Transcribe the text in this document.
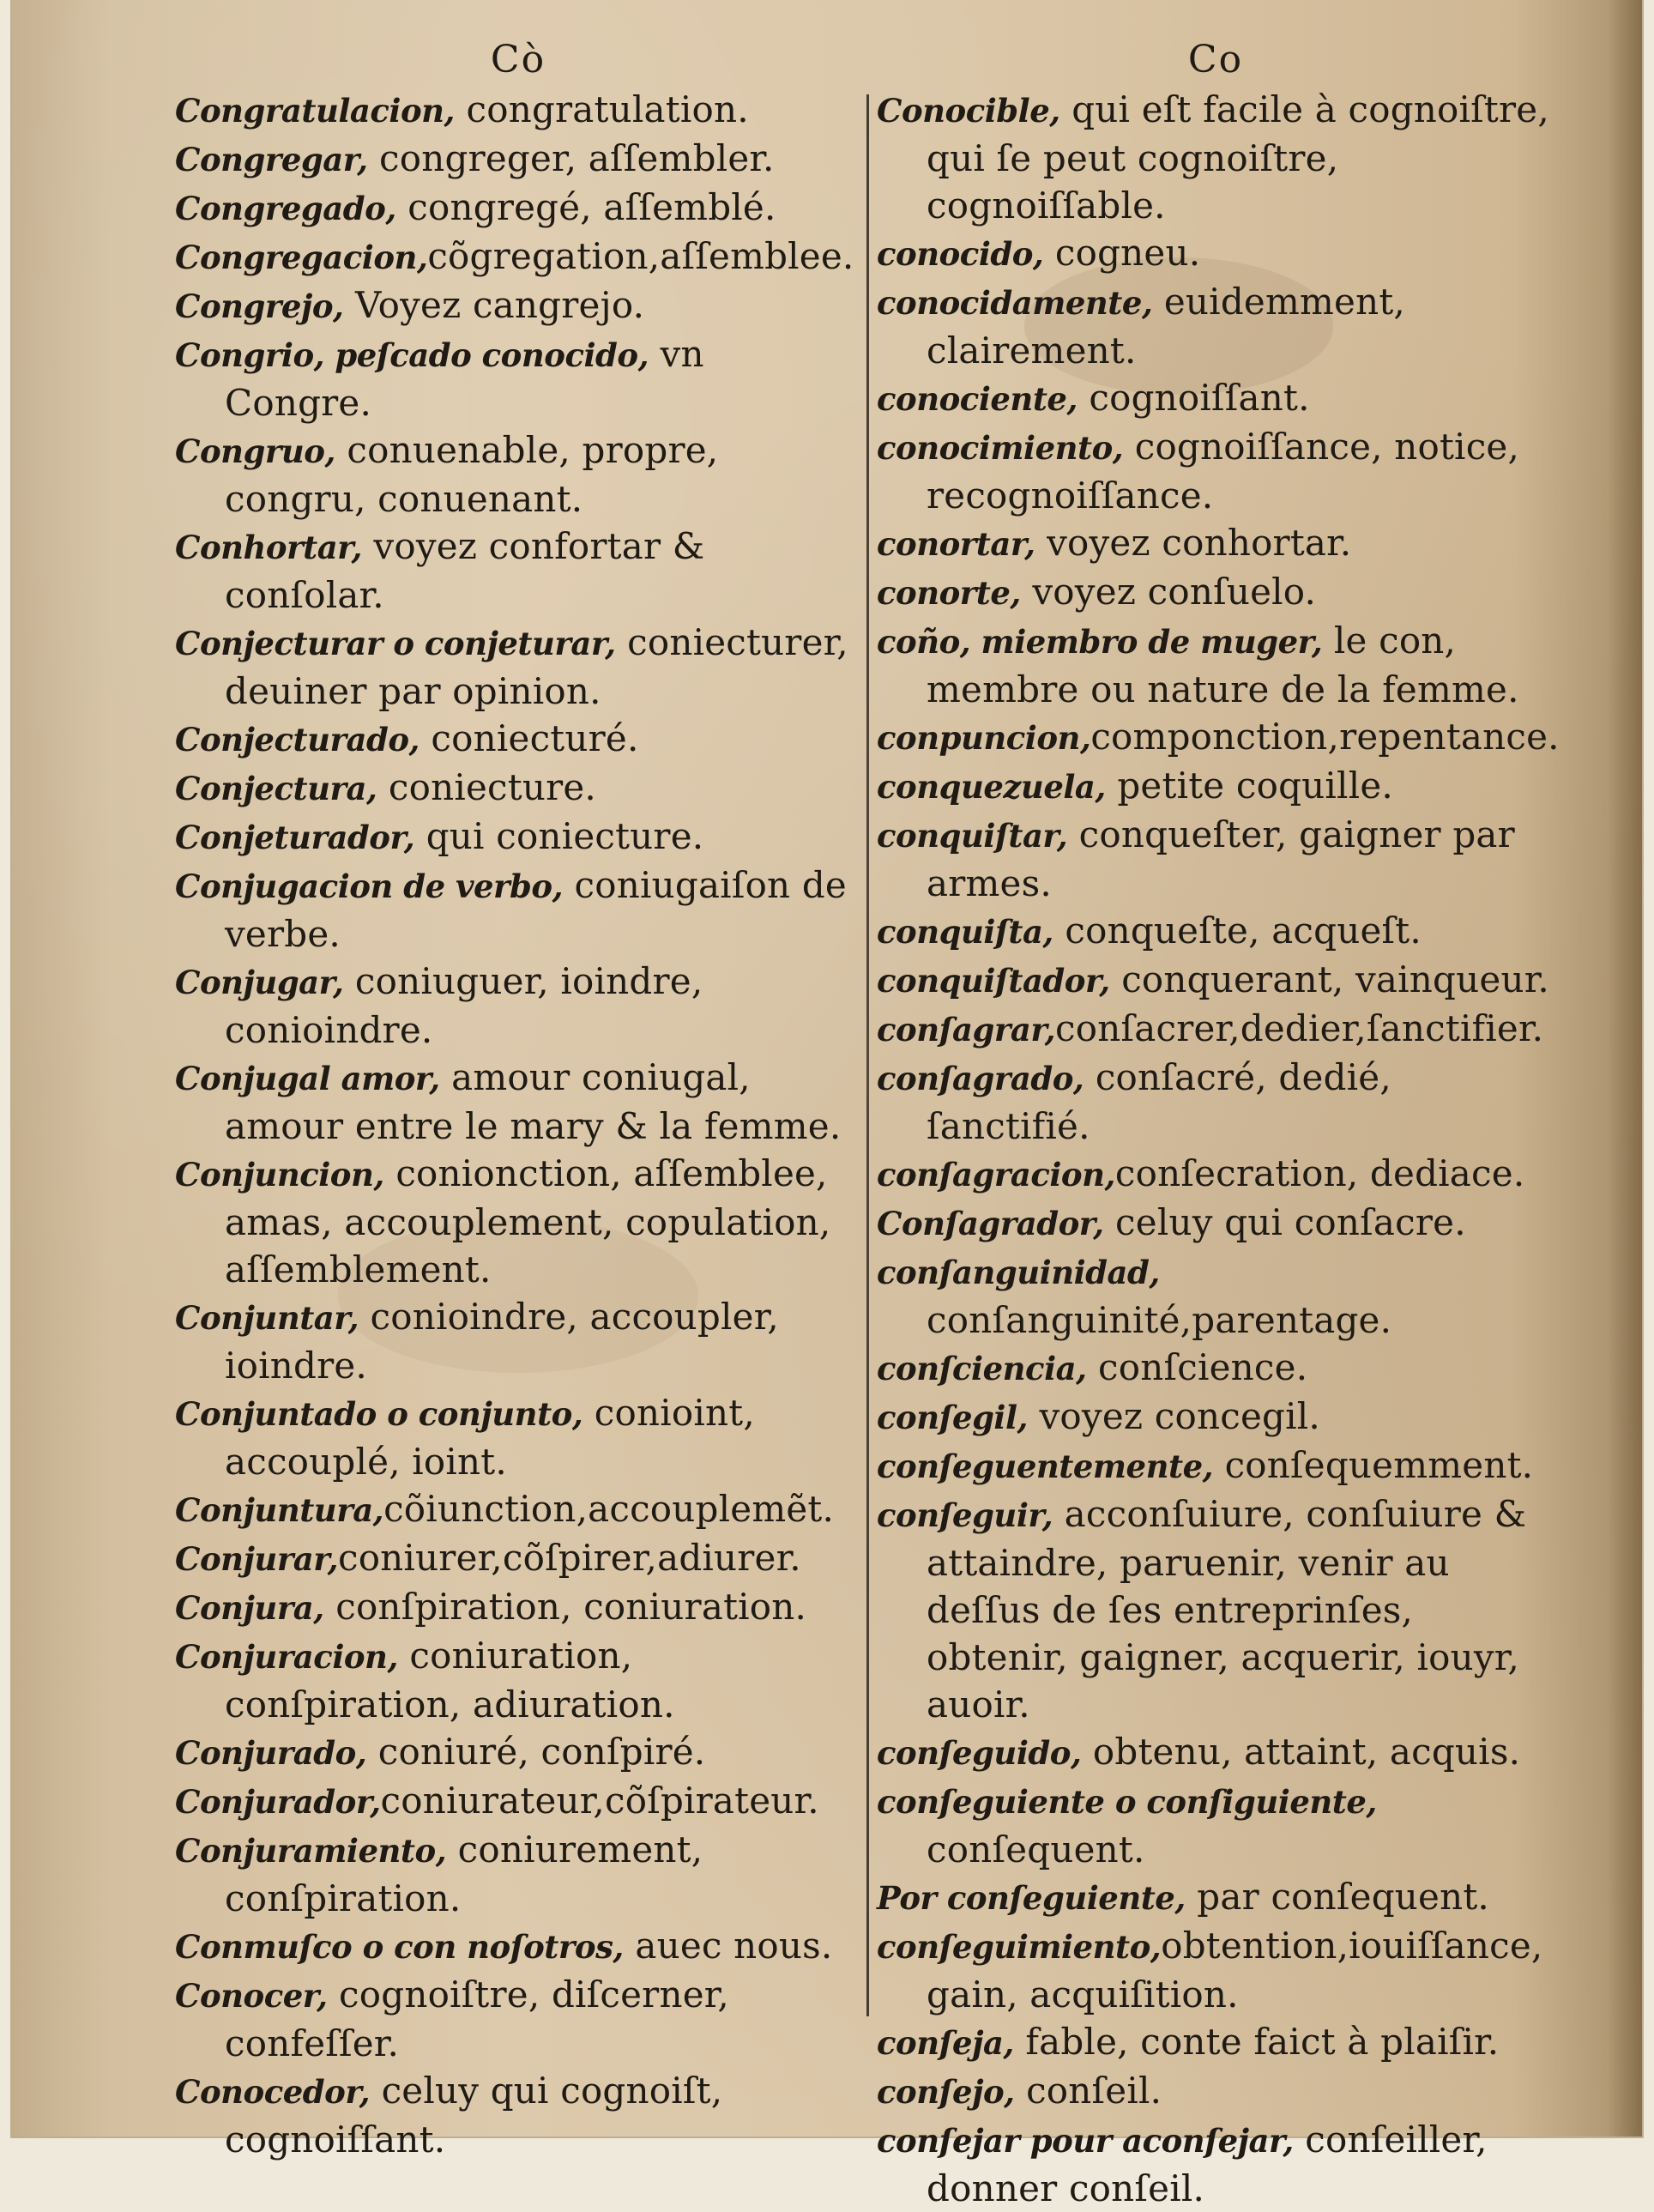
Cò
Congratulacion, congratulation.
Congregar, congreger, aſſembler.
Congregado, congregé, aſſemblé.
Congregacion,cõgregation,aſſemblee.
Congrejo, Voyez cangrejo.
Congrio, peſcado conocido, vn Congre.
Congruo, conuenable, propre, congru, conuenant.
Conhortar, voyez confortar & conſolar.
Conjecturar o conjeturar, coniecturer, deuiner par opinion.
Conjecturado, coniecturé.
Conjectura, coniecture.
Conjeturador, qui coniecture.
Conjugacion de verbo, coniugaiſon de verbe.
Conjugar, coniuguer, ioindre, conioindre.
Conjugal amor, amour coniugal, amour entre le mary & la femme.
Conjuncion, conionction, aſſemblee, amas, accouplement, copulation, aſſemblement.
Conjuntar, conioindre, accoupler, ioindre.
Conjuntado o conjunto, conioint, accouplé, ioint.
Conjuntura,cõiunction,accouplemẽt.
Conjurar,coniurer,cõſpirer,adiurer.
Conjura, conſpiration, coniuration.
Conjuracion, coniuration, conſpiration, adiuration.
Conjurado, coniuré, conſpiré.
Conjurador,coniurateur,cõſpirateur.
Conjuramiento, coniurement, conſpiration.
Conmuſco o con noſotros, auec nous.
Conocer, cognoiſtre, diſcerner, confeſſer.
Conocedor, celuy qui cognoiſt, cognoiſſant.
Co
Conocible, qui eſt facile à cognoiſtre, qui ſe peut cognoiſtre, cognoiſſable.
conocido, cogneu.
conocidamente, euidemment, clairement.
conociente, cognoiſſant.
conocimiento, cognoiſſance, notice, recognoiſſance.
conortar, voyez conhortar.
conorte, voyez conſuelo.
coño, miembro de muger, le con, membre ou nature de la femme.
conpuncion,componction,repentance.
conquezuela, petite coquille.
conquiſtar, conqueſter, gaigner par armes.
conquiſta, conqueſte, acqueſt.
conquiſtador, conquerant, vainqueur.
conſagrar,conſacrer,dedier,ſanctifier.
conſagrado, conſacré, dedié, ſanctifié.
conſagracion,conſecration, dediace.
Conſagrador, celuy qui conſacre.
conſanguinidad, conſanguinité,parentage.
conſciencia, conſcience.
conſegil, voyez concegil.
conſeguentemente, conſequemment.
conſeguir, acconſuiure, conſuiure & attaindre, paruenir, venir au deſſus de ſes entreprinſes, obtenir, gaigner, acquerir, iouyr, auoir.
conſeguido, obtenu, attaint, acquis.
conſeguiente o conſiguiente, conſequent.
Por conſeguiente, par conſequent.
conſeguimiento,obtention,iouiſſance, gain, acquiſition.
conſeja, fable, conte faict à plaiſir.
conſejo, conſeil.
conſejar pour aconſejar, conſeiller, donner conſeil.
